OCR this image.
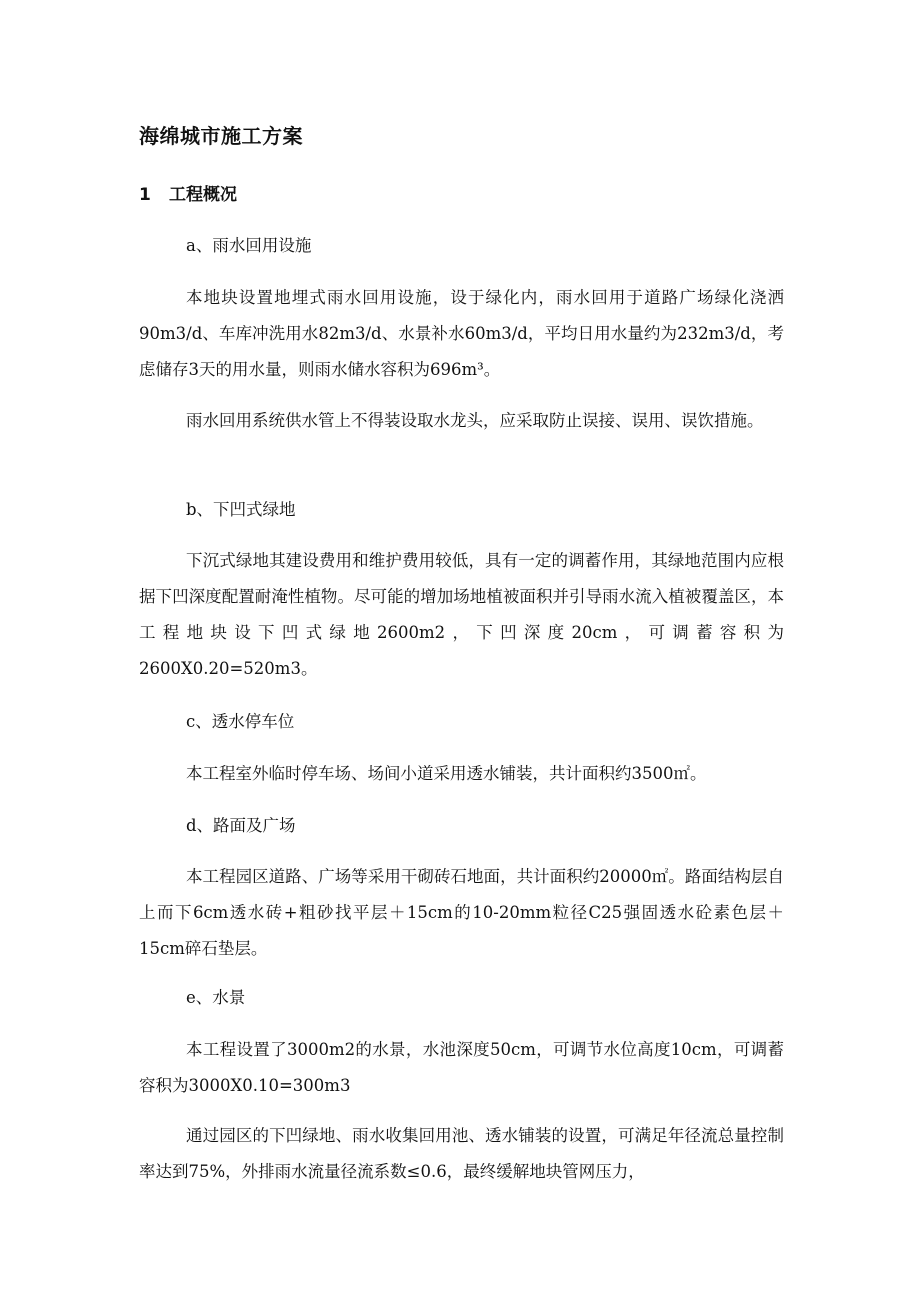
海绵城市施工方案
1 工程概况
a、雨水回用设施

本地块设置地埋式雨水回用设施，设于绿化内，雨水回用于道路广场绿化浇洒90m3/d、车库冲洗用水82m3/d、水景补水60m3/d，平均日用水量约为232m3/d，考虑储存3天的用水量，则雨水储水容积为696m³。

雨水回用系统供水管上不得装设取水龙头，应采取防止误接、误用、误饮措施。

b、下凹式绿地

下沉式绿地其建设费用和维护费用较低，具有一定的调蓄作用，其绿地范围内应根据下凹深度配置耐淹性植物。尽可能的增加场地植被面积并引导雨水流入植被覆盖区，本工程地块设下凹式绿地2600m2，下凹深度20cm，可调蓄容积为2600X0.20=520m3。

c、透水停车位

本工程室外临时停车场、场间小道采用透水铺装，共计面积约3500㎡。

d、路面及广场

本工程园区道路、广场等采用干砌砖石地面，共计面积约20000㎡。路面结构层自上而下6cm透水砖+粗砂找平层＋15cm的10-20mm粒径C25强固透水砼素色层＋15cm碎石垫层。

e、水景

本工程设置了3000m2的水景，水池深度50cm，可调节水位高度10cm，可调蓄容积为3000X0.10=300m3

通过园区的下凹绿地、雨水收集回用池、透水铺装的设置，可满足年径流总量控制率达到75%，外排雨水流量径流系数≤0.6，最终缓解地块管网压力，
